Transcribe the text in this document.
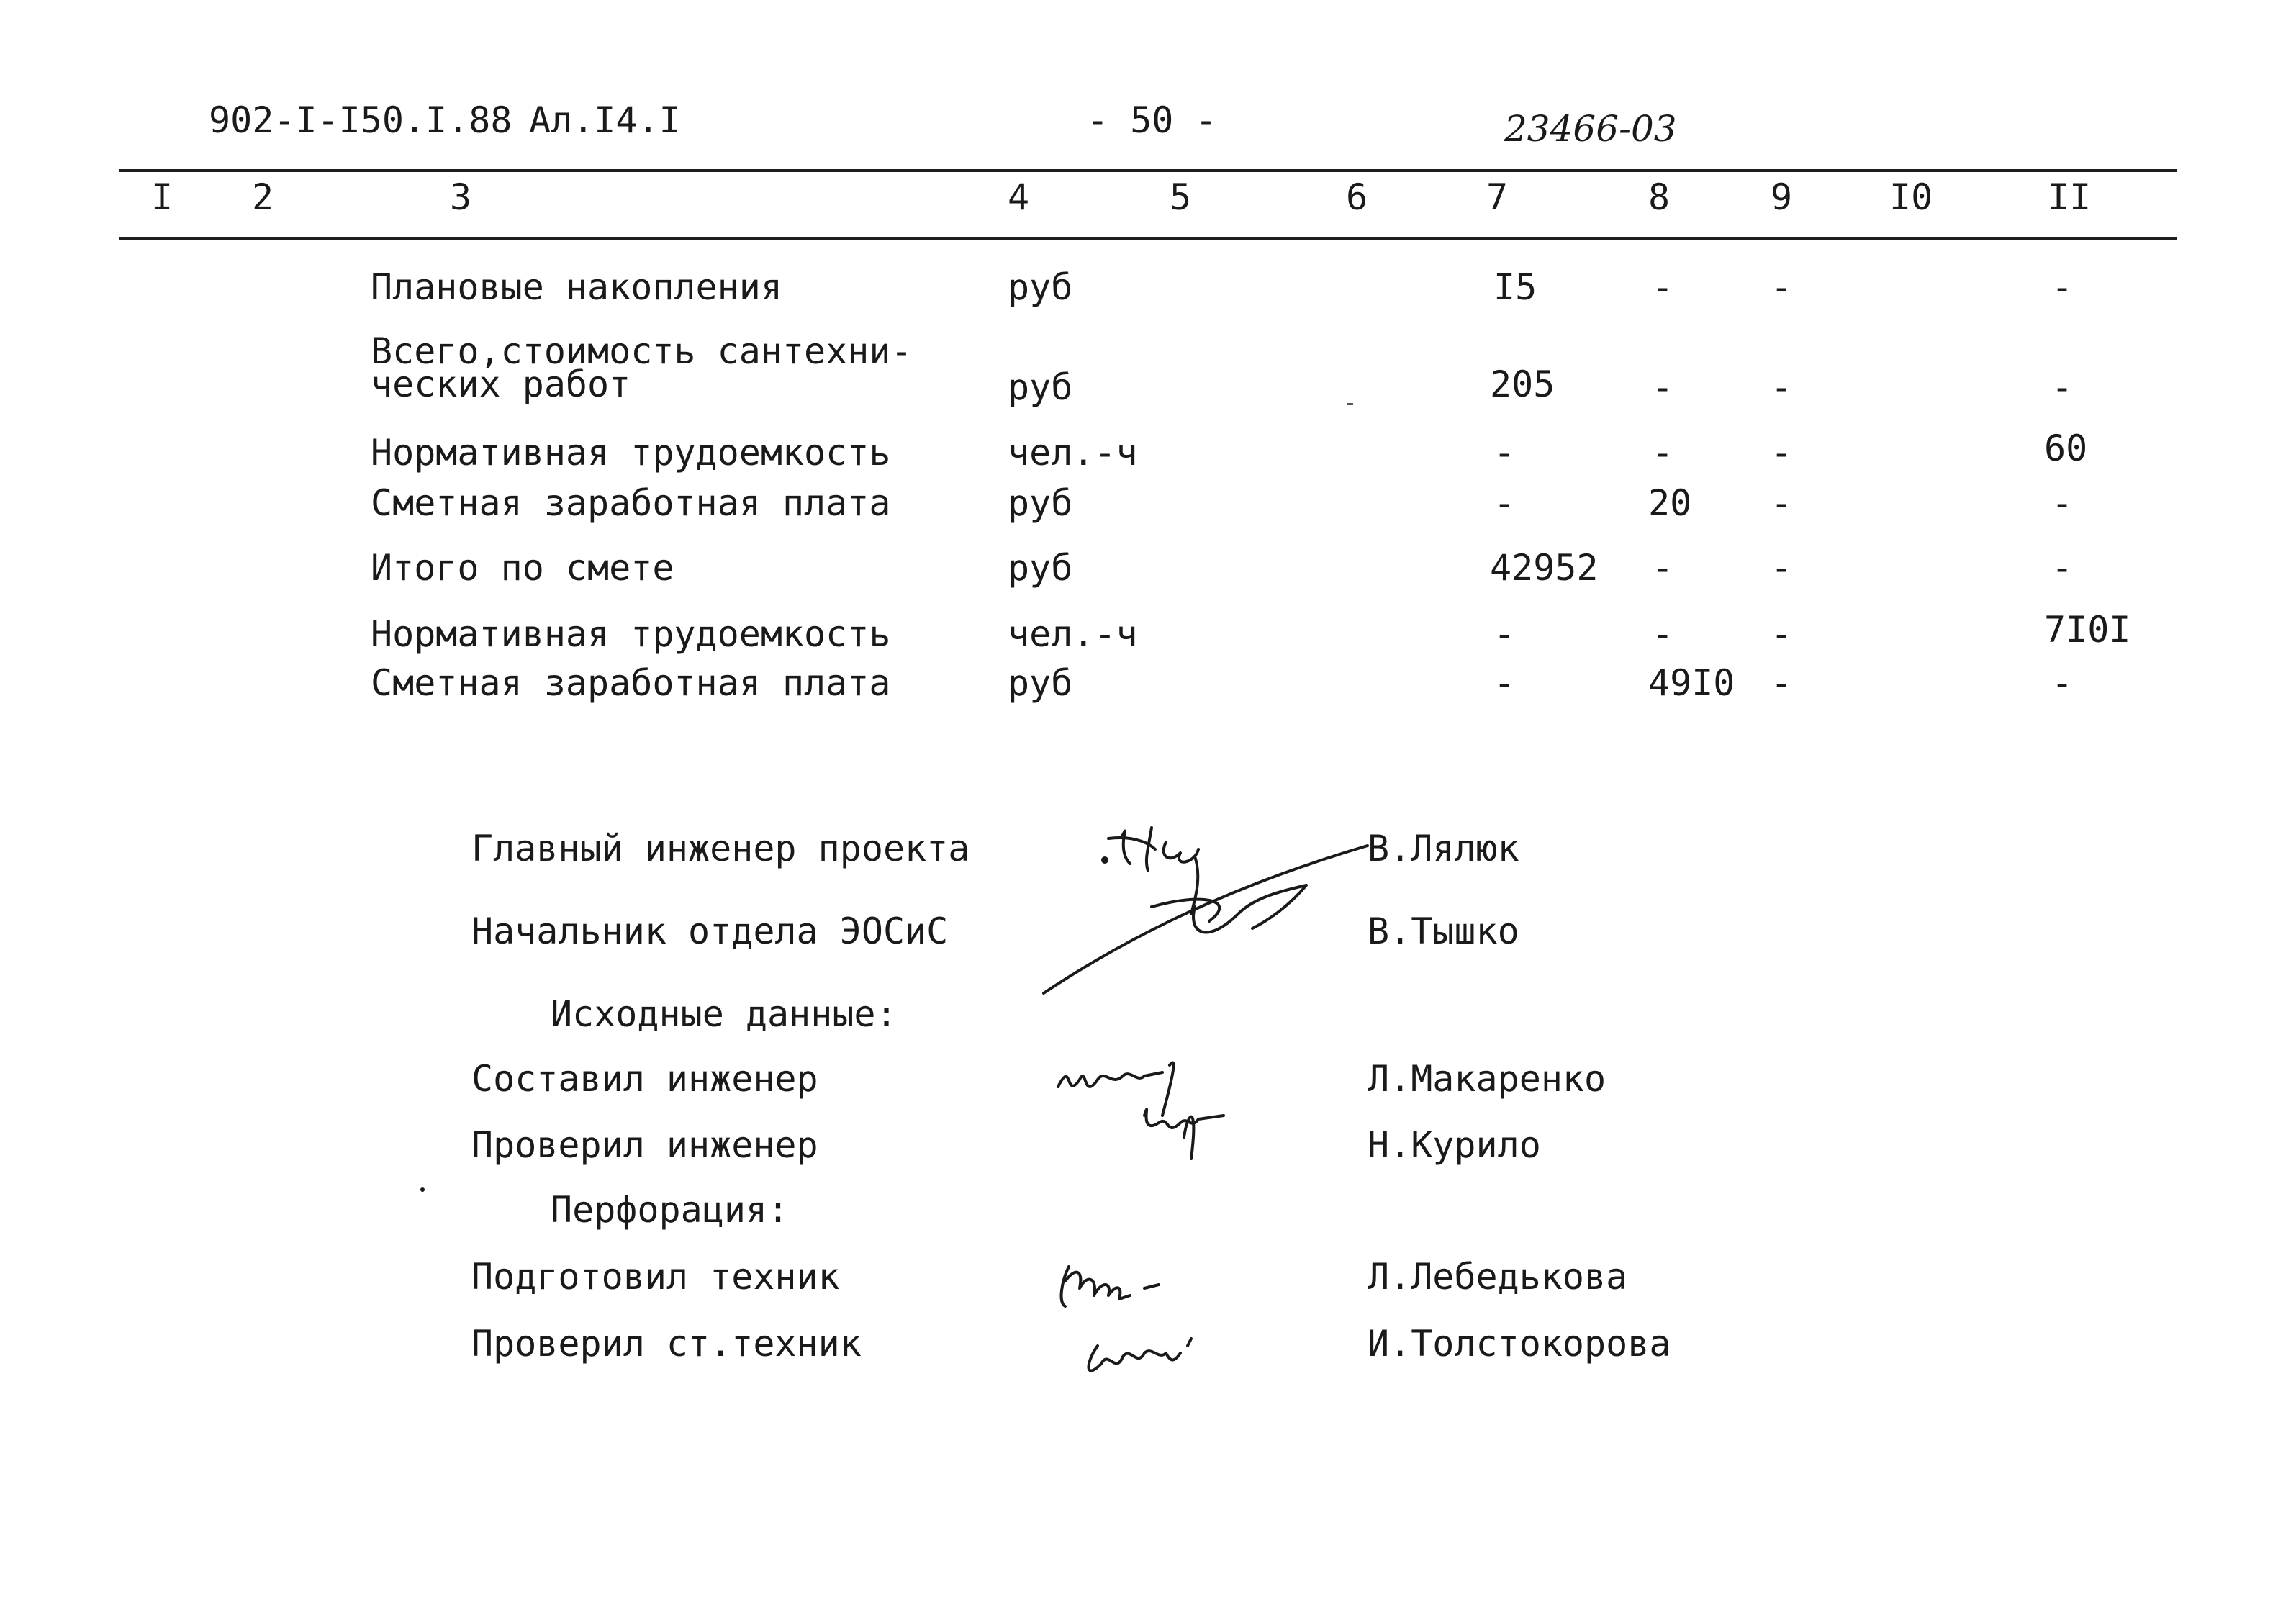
902-I-I50.I.88 Ал.I4.I	- 50 -	23466-03
I 2	3	4	5	6	7	8	9	I0	II
Плановые накопления	руб	I5	-	-	-
Всего,стоимость сантехни-
ческих работ	руб	205	-	-	-
Нормативная трудоемкость	чел.-ч	-	-	-	60
Сметная заработная плата	руб	-	20 -	-
Итого по смете	руб	42952 -	-	-
Нормативная трудоемкость	чел.-ч	-	-	-	7I0I
Сметная заработная плата	руб	-	49I0 -	-
Главный инженер проекта	В.Лялюк
Начальник отдела ЭОСиС	В.Тышко
Исходные данные:
Составил инженер	Л.Макаренко
Проверил инженер	Н.Курило
Перфорация:
Подготовил техник	Л.Лебедькова
Проверил ст.техник	И.Толстокорова
